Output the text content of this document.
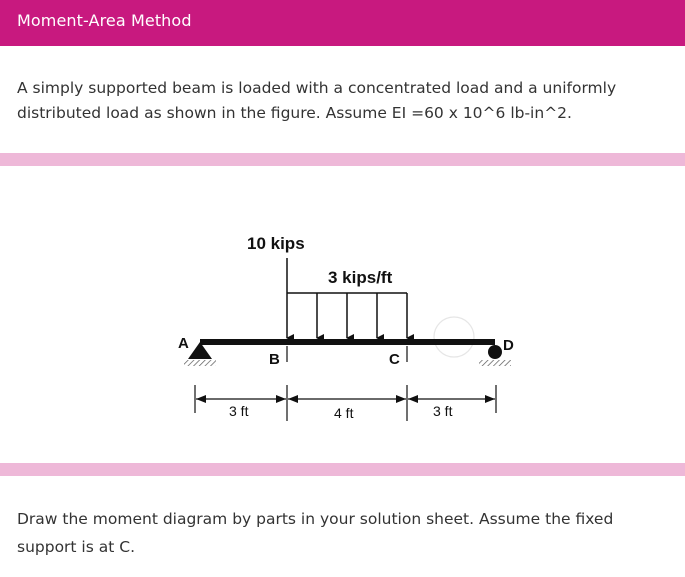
Moment-Area Method
A simply supported beam is loaded with a concentrated load and a uniformly distributed load as shown in the figure. Assume EI =60 x 10^6 lb-in^2.
10 kips
3 kips/ft
A
B	C
D
3 ft	4 ft	3 ft
Draw the moment diagram by parts in your solution sheet. Assume the fixed support is at C.
